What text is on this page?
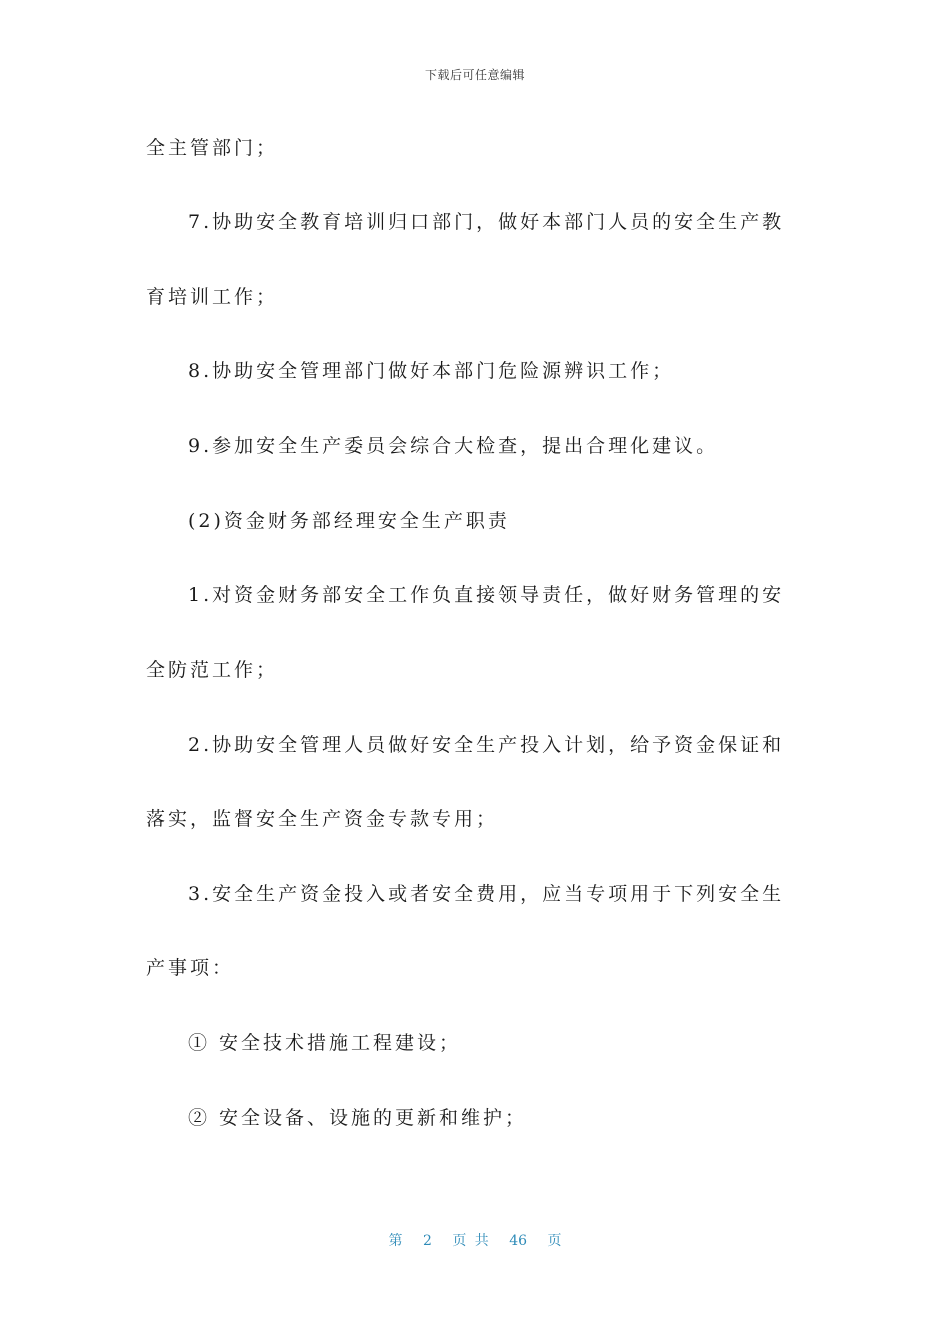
下载后可任意编辑
全主管部门；
7.协助安全教育培训归口部门，做好本部门人员的安全生产教
育培训工作；
8.协助安全管理部门做好本部门危险源辨识工作；
9.参加安全生产委员会综合大检查，提出合理化建议。
(2)资金财务部经理安全生产职责
1.对资金财务部安全工作负直接领导责任，做好财务管理的安
全防范工作；
2.协助安全管理人员做好安全生产投入计划，给予资金保证和
落实，监督安全生产资金专款专用；
3.安全生产资金投入或者安全费用，应当专项用于下列安全生
产事项：
① 安全技术措施工程建设；
② 安全设备、设施的更新和维护；
第 2 页 共 46 页
